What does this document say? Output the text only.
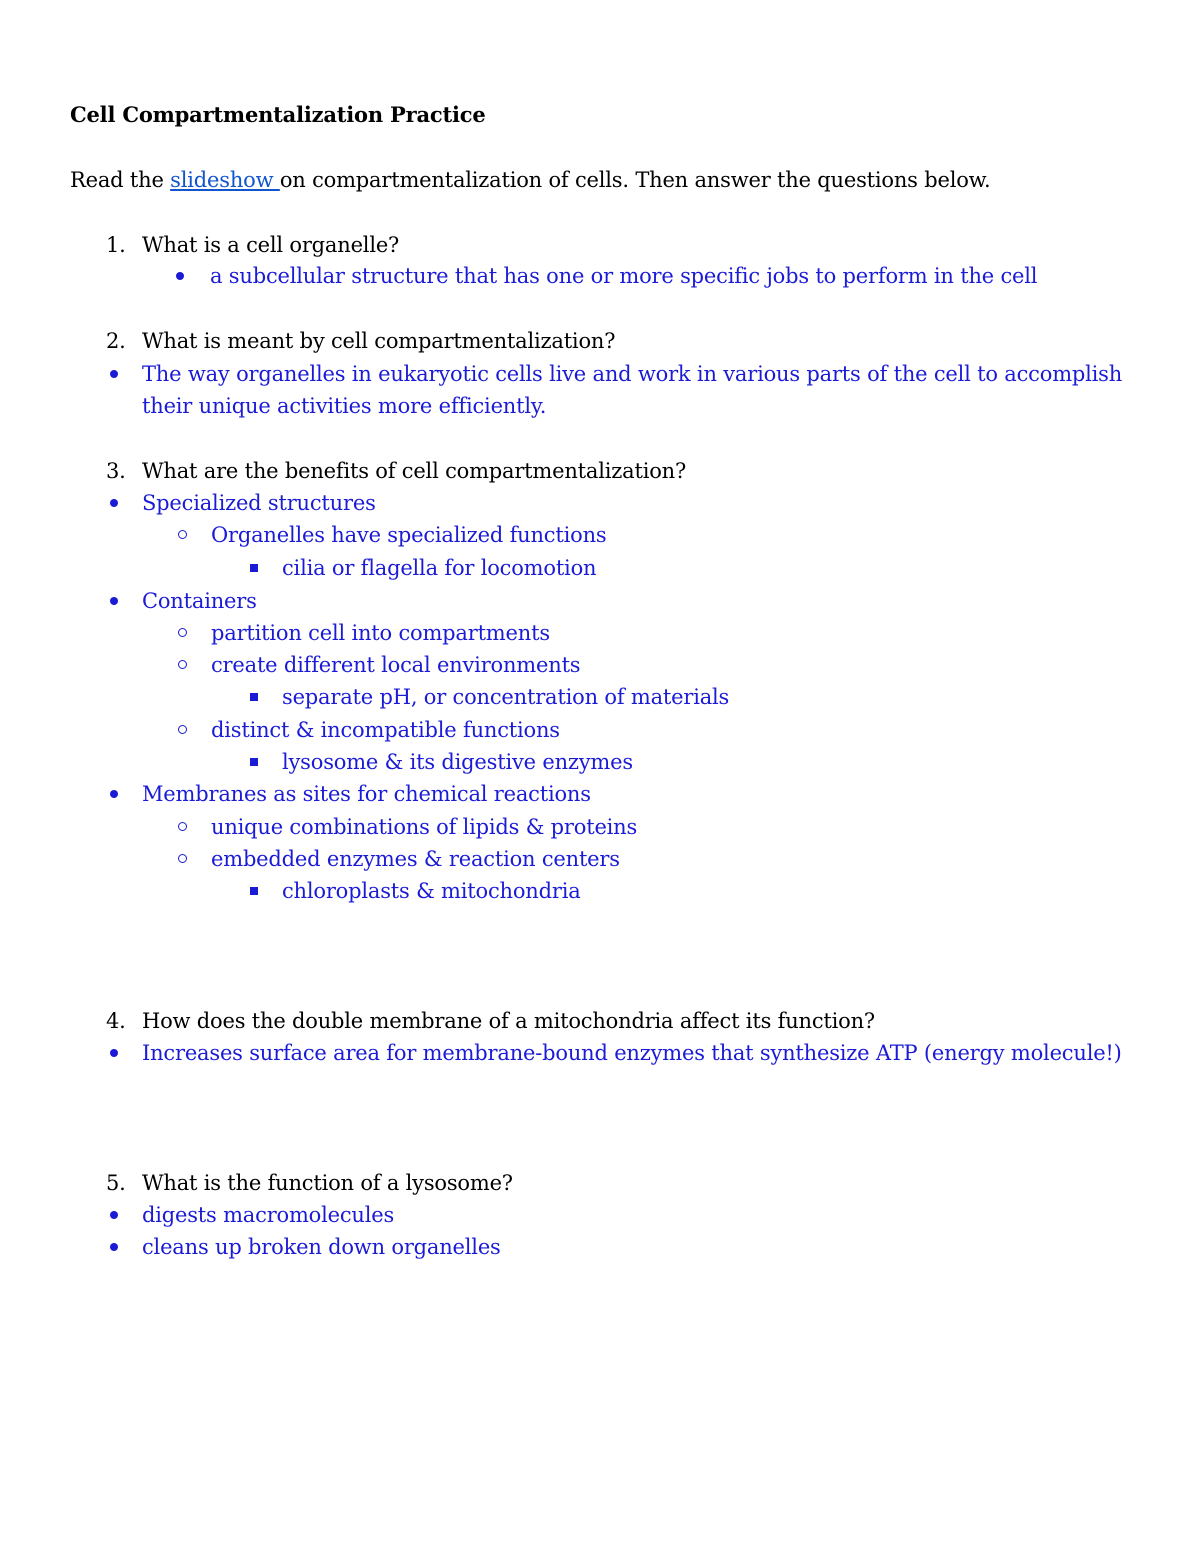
Cell Compartmentalization Practice
Read the slideshow on compartmentalization of cells. Then answer the questions below.
1. What is a cell organelle?
a subcellular structure that has one or more specific jobs to perform in the cell
2. What is meant by cell compartmentalization?
The way organelles in eukaryotic cells live and work in various parts of the cell to accomplish
their unique activities more efficiently.
3. What are the benefits of cell compartmentalization?
Specialized structures
Organelles have specialized functions
cilia or flagella for locomotion
Containers
partition cell into compartments
create different local environments
separate pH, or concentration of materials
distinct & incompatible functions
lysosome & its digestive enzymes
Membranes as sites for chemical reactions
unique combinations of lipids & proteins
embedded enzymes & reaction centers
chloroplasts & mitochondria
4. How does the double membrane of a mitochondria affect its function?
Increases surface area for membrane-bound enzymes that synthesize ATP (energy molecule!)
5. What is the function of a lysosome?
digests macromolecules
cleans up broken down organelles
